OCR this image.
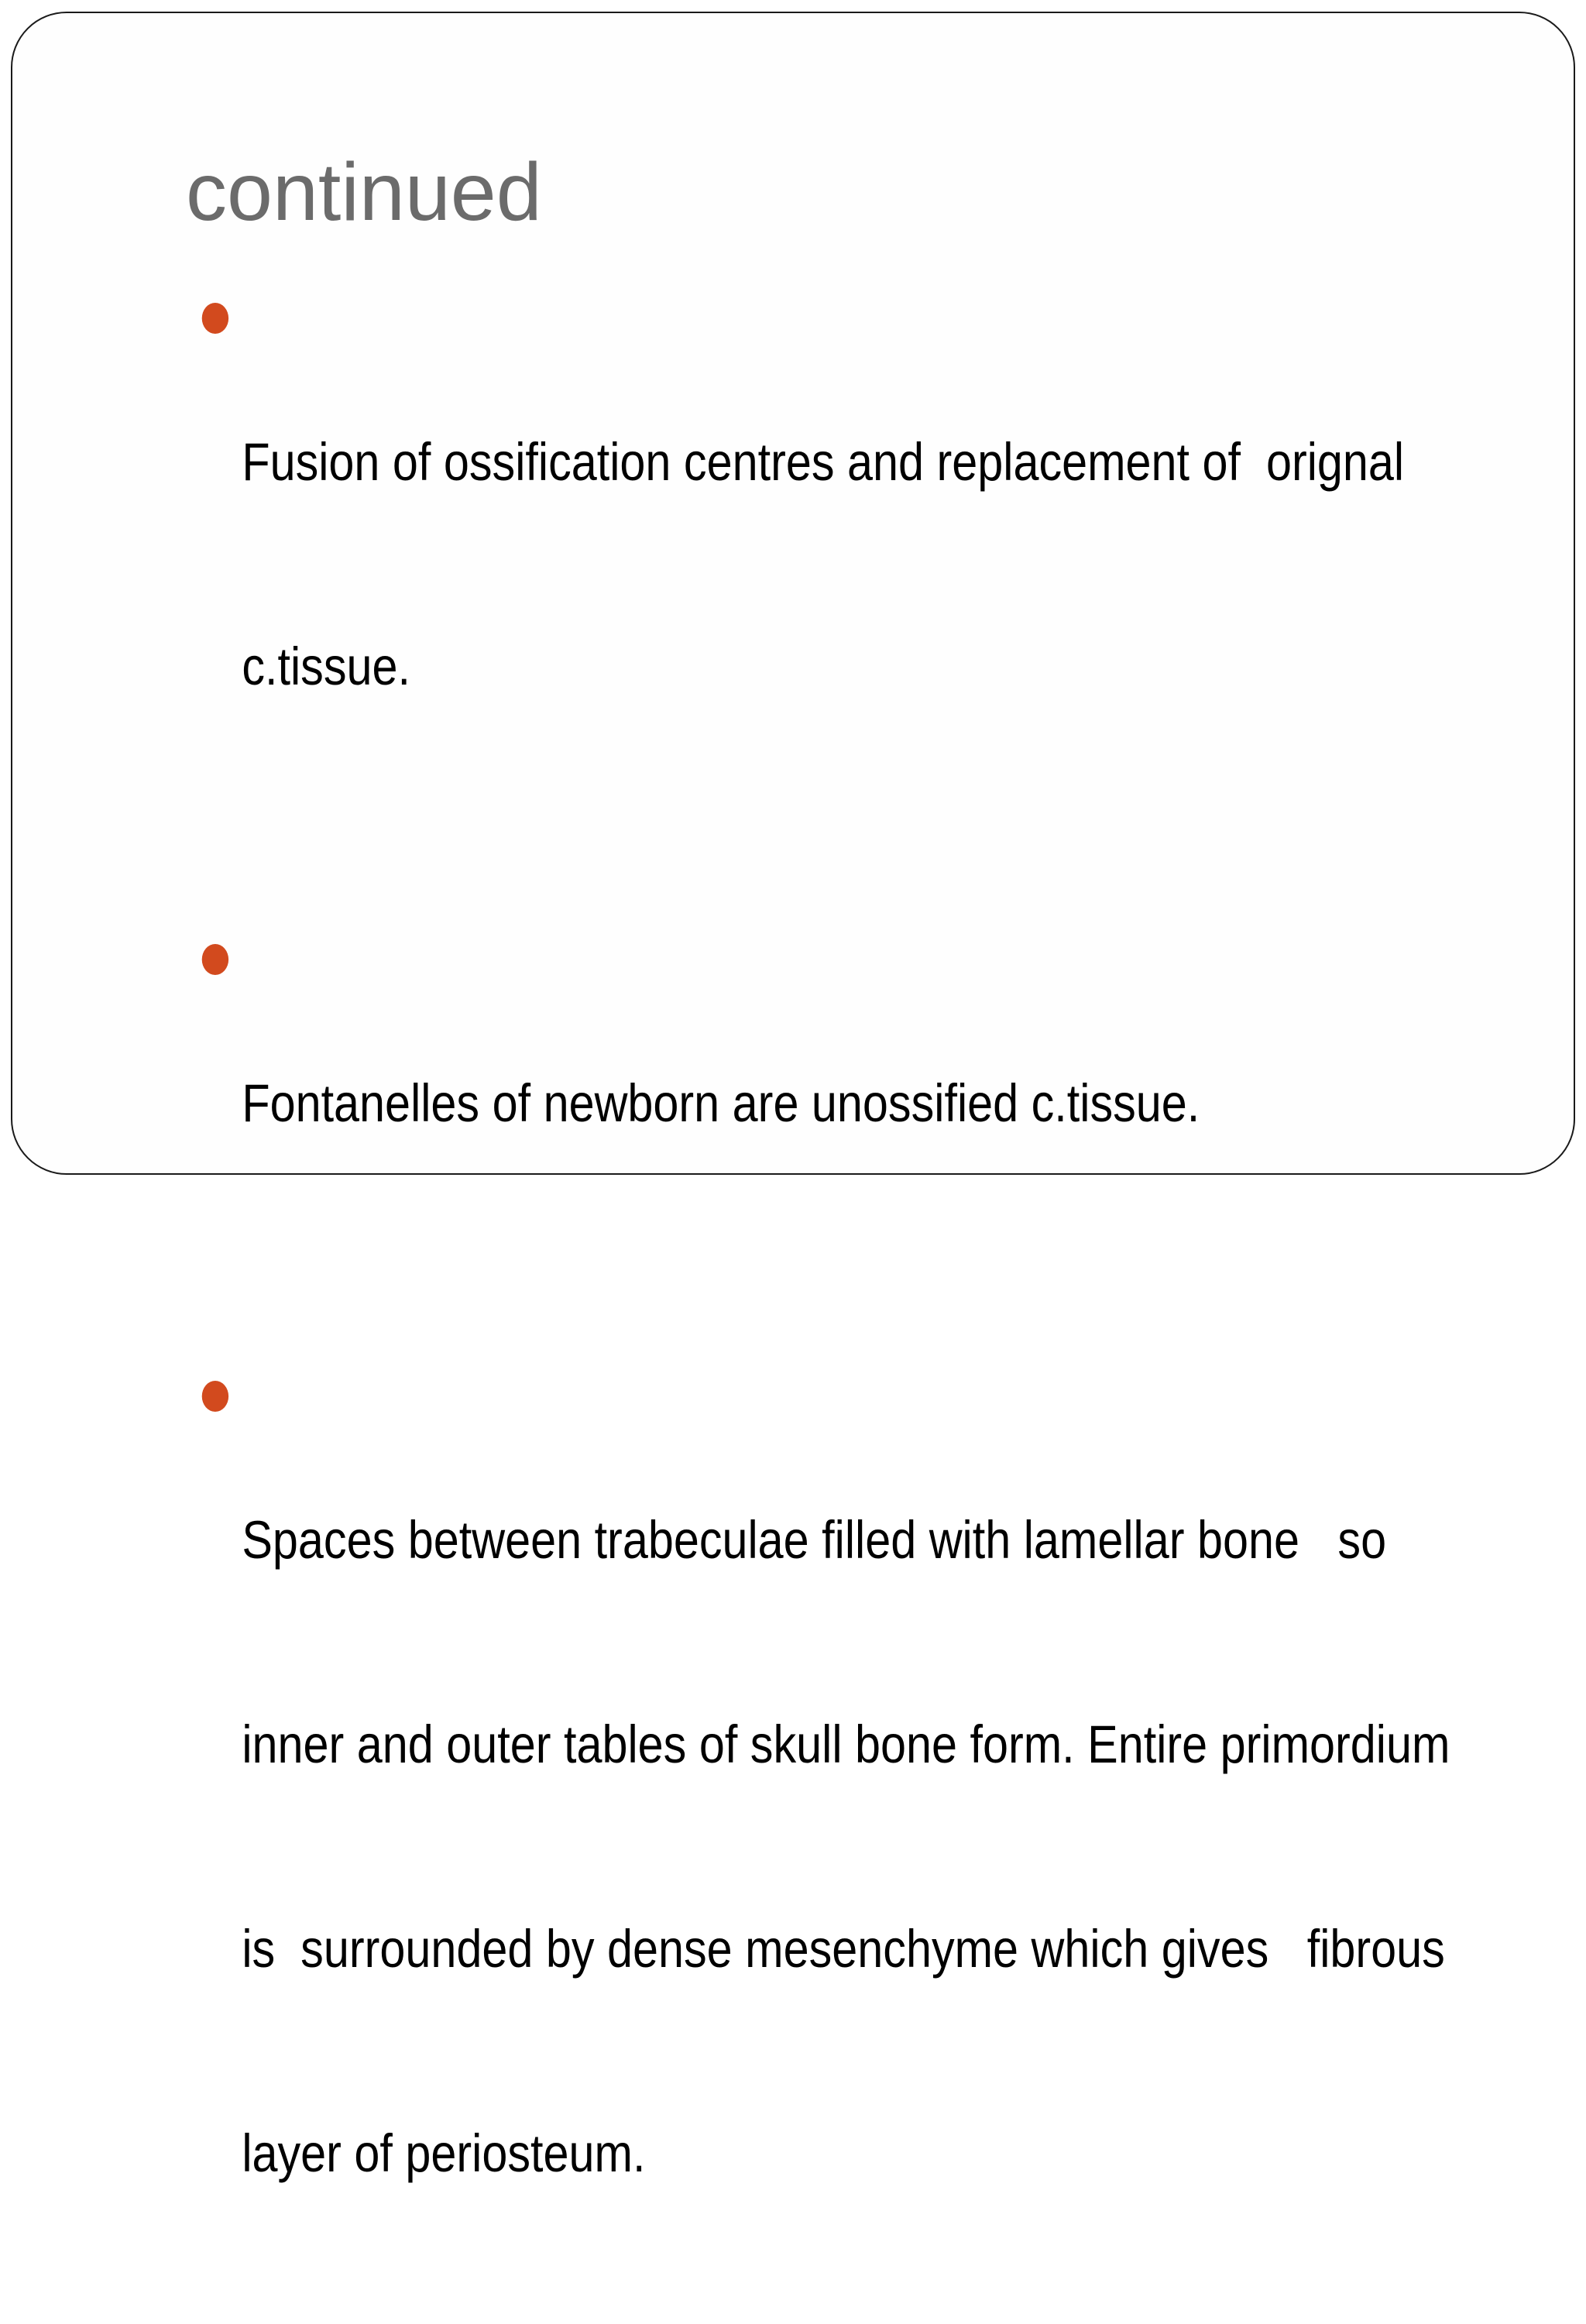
continued

Fusion of ossification centres and replacement of  orignal

c.tissue.

Fontanelles of newborn are unossified c.tissue.

Spaces between trabeculae filled with lamellar bone   so

inner and outer tables of skull bone form. Entire primordium

is  surrounded by dense mesenchyme which gives   fibrous

layer of periosteum.
